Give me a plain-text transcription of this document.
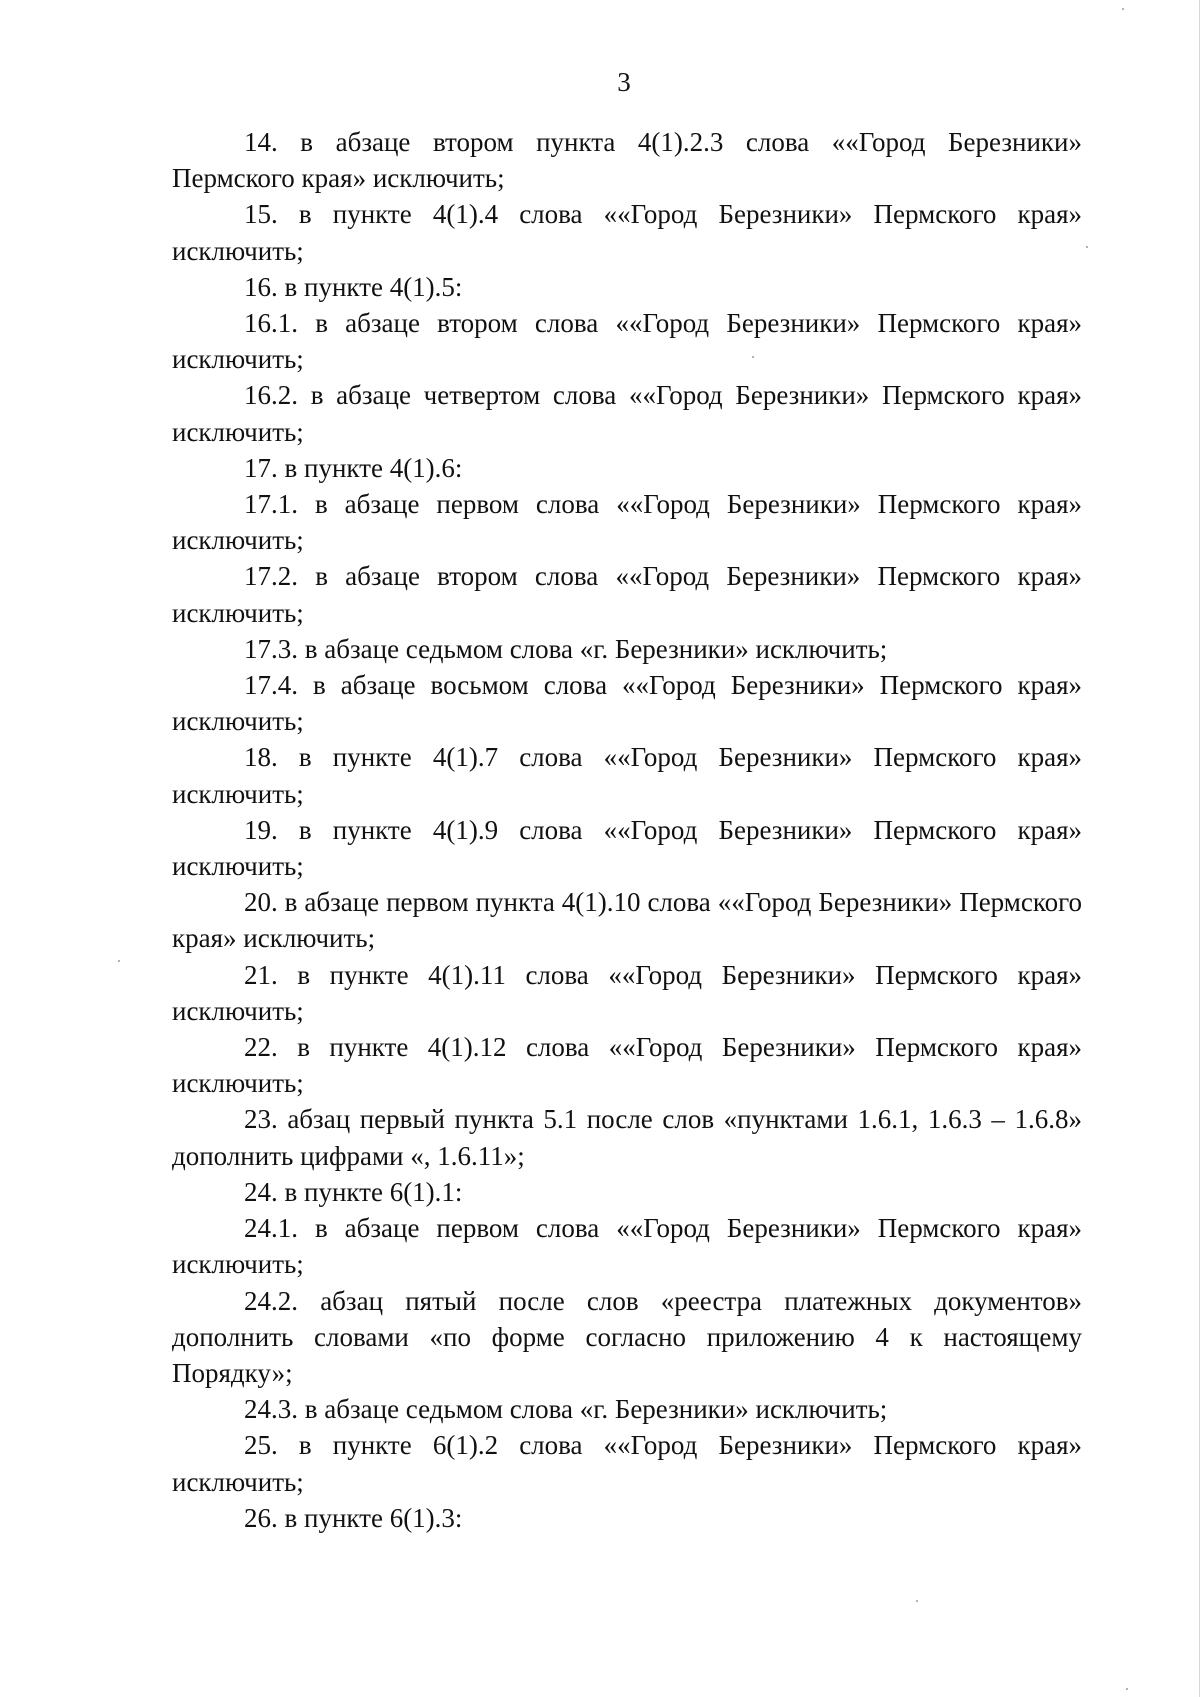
3

14. в абзаце втором пункта 4(1).2.3 слова ««Город Березники» Пермского края» исключить;

15. в пункте 4(1).4 слова ««Город Березники» Пермского края» исключить;

16. в пункте 4(1).5:

16.1. в абзаце втором слова ««Город Березники» Пермского края» исключить;

16.2. в абзаце четвертом слова ««Город Березники» Пермского края» исключить;

17. в пункте 4(1).6:

17.1. в абзаце первом слова ««Город Березники» Пермского края» исключить;

17.2. в абзаце втором слова ««Город Березники» Пермского края» исключить;

17.3. в абзаце седьмом слова «г. Березники» исключить;

17.4. в абзаце восьмом слова ««Город Березники» Пермского края» исключить;

18. в пункте 4(1).7 слова ««Город Березники» Пермского края» исключить;

19. в пункте 4(1).9 слова ««Город Березники» Пермского края» исключить;

20. в абзаце первом пункта 4(1).10 слова ««Город Березники» Пермского края» исключить;

21. в пункте 4(1).11 слова ««Город Березники» Пермского края» исключить;

22. в пункте 4(1).12 слова ««Город Березники» Пермского края» исключить;

23. абзац первый пункта 5.1 после слов «пунктами 1.6.1, 1.6.3 – 1.6.8» дополнить цифрами «, 1.6.11»;

24. в пункте 6(1).1:

24.1. в абзаце первом слова ««Город Березники» Пермского края» исключить;

24.2. абзац пятый после слов «реестра платежных документов» дополнить словами «по форме согласно приложению 4 к настоящему Порядку»;

24.3. в абзаце седьмом слова «г. Березники» исключить;

25. в пункте 6(1).2 слова ««Город Березники» Пермского края» исключить;

26. в пункте 6(1).3:
